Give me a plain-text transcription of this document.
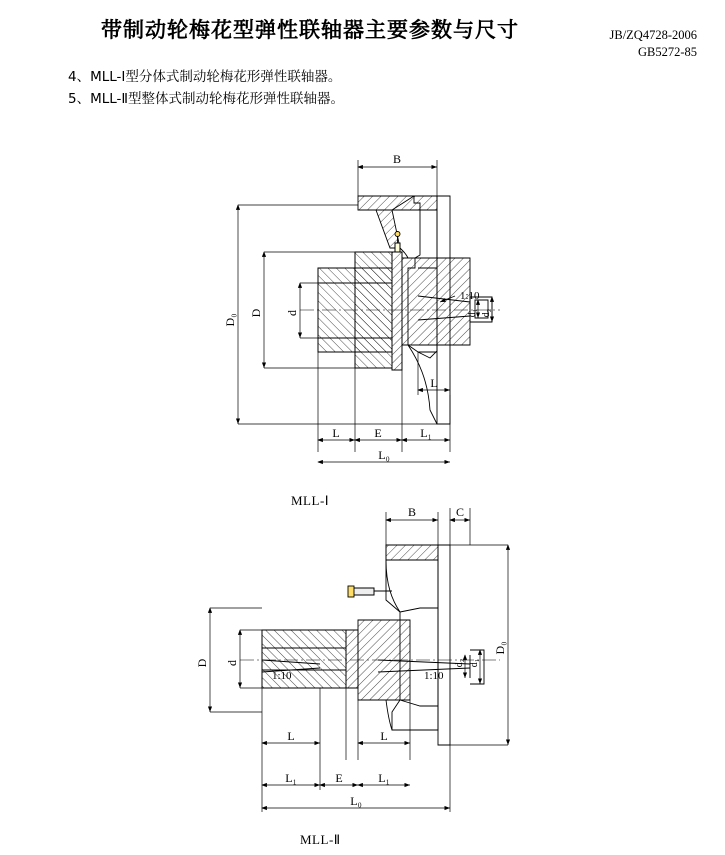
带制动轮梅花型弹性联轴器主要参数与尺寸	JB/ZQ4728-2006
GB5272-85
4、MLL-Ⅰ型分体式制动轮梅花形弹性联轴器。
5、MLL-Ⅱ型整体式制动轮梅花形弹性联轴器。
B
D₀
D d	d₁ d₂
1:10
L
L	E	L₁
L₀
B	C
D d
D₀
d₂ d₁
1:10	1:10
L	L
L₁	E	L₁
L₀
MLL-Ⅰ
MLL-Ⅱ
